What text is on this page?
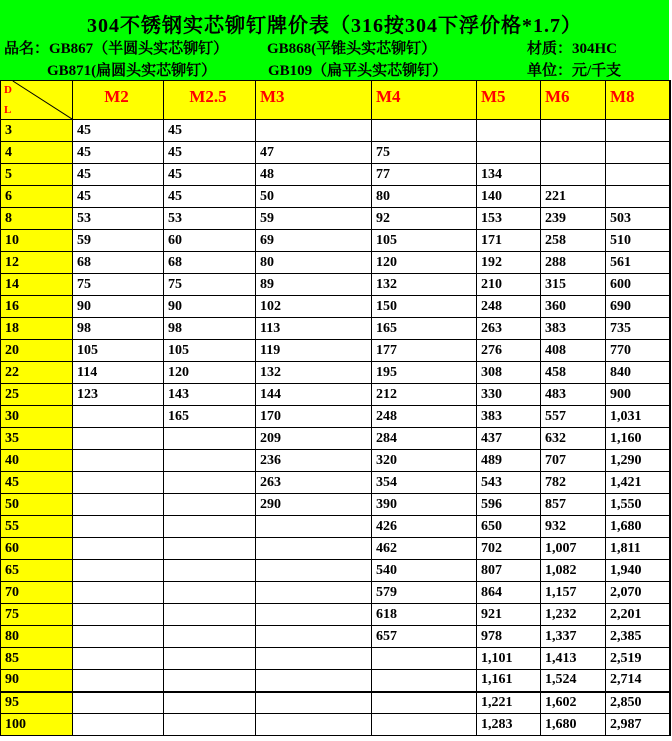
304不锈钢实芯铆钉牌价表（316按304下浮价格*1.7）
品名：GB867（半圆头实芯铆钉）	GB868(平锥头实芯铆钉）	材质：304HC
GB871(扁圆头实芯铆钉）	GB109（扁平头实芯铆钉）	单位：元/千支
D
L	M2	M2.5	M3	M4	M5	M6	M8
3	45	45					
4	45	45	47	75			
5	45	45	48	77	134		
6	45	45	50	80	140	221	
8	53	53	59	92	153	239	503
10	59	60	69	105	171	258	510
12	68	68	80	120	192	288	561
14	75	75	89	132	210	315	600
16	90	90	102	150	248	360	690
18	98	98	113	165	263	383	735
20	105	105	119	177	276	408	770
22	114	120	132	195	308	458	840
25	123	143	144	212	330	483	900
30		165	170	248	383	557	1,031
35			209	284	437	632	1,160
40			236	320	489	707	1,290
45			263	354	543	782	1,421
50			290	390	596	857	1,550
55				426	650	932	1,680
60				462	702	1,007	1,811
65				540	807	1,082	1,940
70				579	864	1,157	2,070
75				618	921	1,232	2,201
80				657	978	1,337	2,385
85					1,101	1,413	2,519
90					1,161	1,524	2,714
95					1,221	1,602	2,850
100					1,283	1,680	2,987
